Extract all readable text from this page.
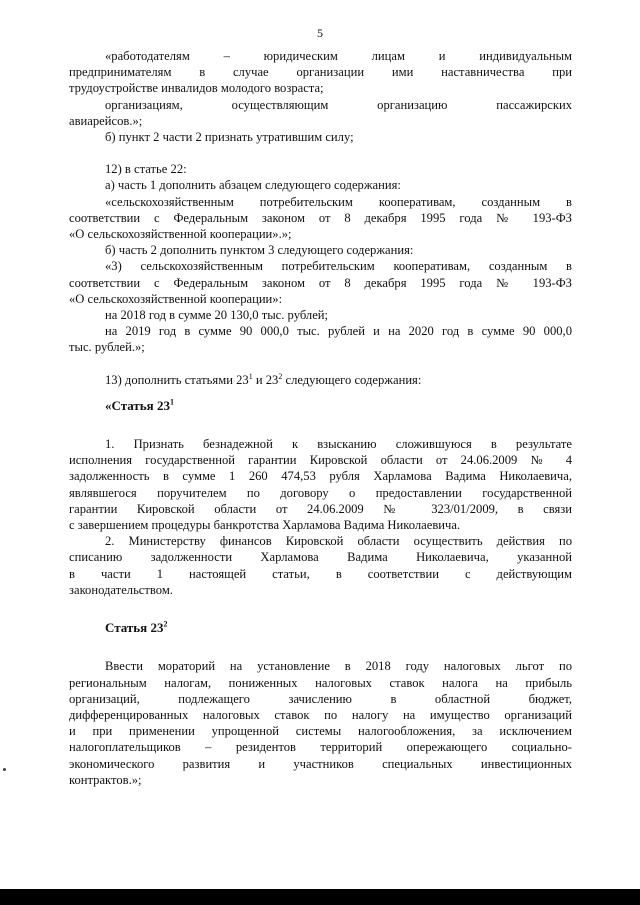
5

«работодателям – юридическим лицам и индивидуальным

предпринимателям в случае организации ими наставничества при

трудоустройстве инвалидов молодого возраста;

организациям, осуществляющим организацию пассажирских

авиарейсов.»;

б) пункт 2 части 2 признать утратившим силу;

12) в статье 22:

а) часть 1 дополнить абзацем следующего содержания:

«сельскохозяйственным потребительским кооперативам, созданным в

соответствии с Федеральным законом от 8 декабря 1995 года № 193-ФЗ

«О сельскохозяйственной кооперации».»;

б) часть 2 дополнить пунктом 3 следующего содержания:

«3) сельскохозяйственным потребительским кооперативам, созданным в

соответствии с Федеральным законом от 8 декабря 1995 года № 193-ФЗ

«О сельскохозяйственной кооперации»:

на 2018 год в сумме 20 130,0 тыс. рублей;

на 2019 год в сумме 90 000,0 тыс. рублей и на 2020 год в сумме 90 000,0

тыс. рублей.»;

13) дополнить статьями $23^1$ и $23^2$ следующего содержания:

«Статья $23^1$

1. Признать безнадежной к взысканию сложившуюся в результате

исполнения государственной гарантии Кировской области от 24.06.2009 № 4

задолженность в сумме 1 260 474,53 рубля Харламова Вадима Николаевича,

являвшегося поручителем по договору о предоставлении государственной

гарантии Кировской области от 24.06.2009 № 323/01/2009, в связи

с завершением процедуры банкротства Харламова Вадима Николаевича.

2. Министерству финансов Кировской области осуществить действия по

списанию задолженности Харламова Вадима Николаевича, указанной

в части 1 настоящей статьи, в соответствии с действующим

законодательством.

Статья $23^2$

Ввести мораторий на установление в 2018 году налоговых льгот по

региональным налогам, пониженных налоговых ставок налога на прибыль

организаций, подлежащего зачислению в областной бюджет,

дифференцированных налоговых ставок по налогу на имущество организаций

и при применении упрощенной системы налогообложения, за исключением

налогоплательщиков – резидентов территорий опережающего социально-

экономического развития и участников специальных инвестиционных

контрактов.»;
